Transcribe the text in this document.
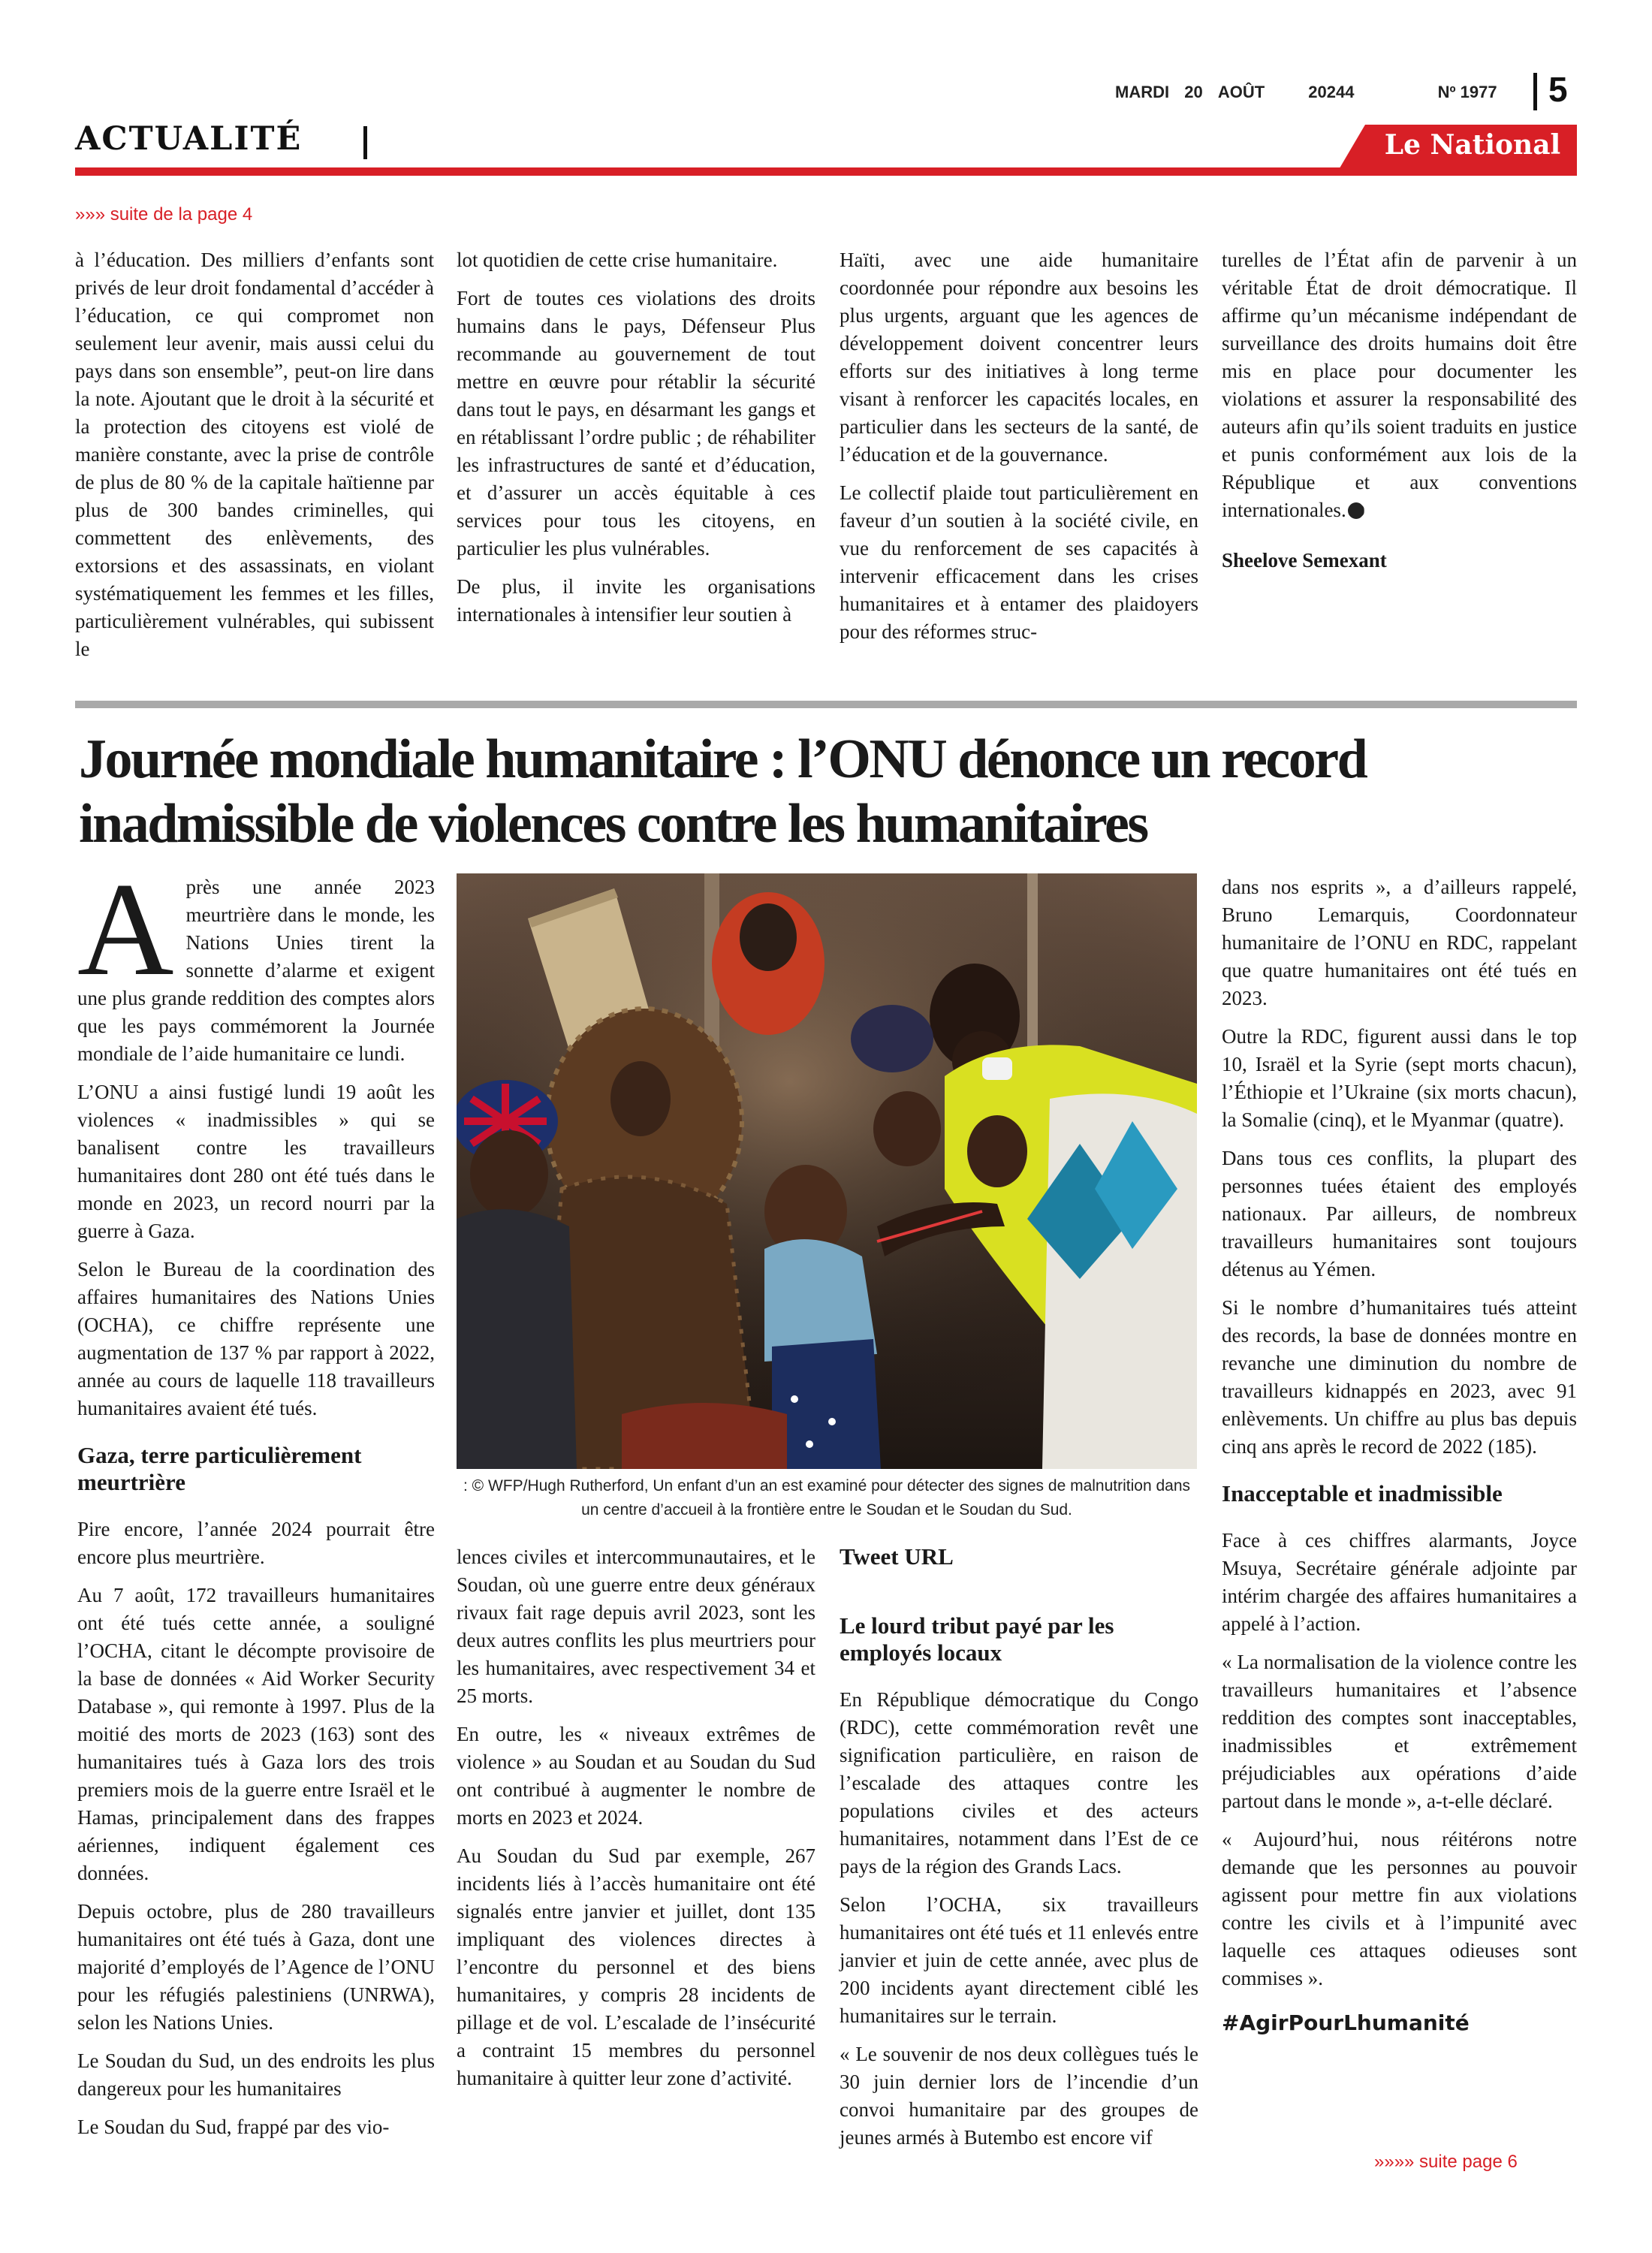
MARDI 20 AOÛT	20244	Nº 1977 5
ACTUALITÉ	Le National
»»» suite de la page 4

à l’éducation. Des milliers d’enfants sont privés de leur droit fondamental d’accéder à l’éducation, ce qui compromet non seulement leur avenir, mais aussi celui du pays dans son ensemble”, peut-on lire dans la note. Ajoutant que le droit à la sécurité et la protection des citoyens est violé de manière constante, avec la prise de contrôle de plus de 80 % de la capitale haïtienne par plus de 300 bandes criminelles, qui commettent des enlèvements, des extorsions et des assassinats, en violant systématiquement les femmes et les filles, particulièrement vulnérables, qui subissent le

lot quotidien de cette crise humanitaire.

Fort de toutes ces violations des droits humains dans le pays, Défenseur Plus recommande au gouvernement de tout mettre en œuvre pour rétablir la sécurité dans tout le pays, en désarmant les gangs et en rétablissant l’ordre public ; de réhabiliter les infrastructures de santé et d’éducation, et d’assurer un accès équitable à ces services pour tous les citoyens, en particulier les plus vulnérables.

De plus, il invite les organisations internationales à intensifier leur soutien à

Haïti, avec une aide humanitaire coordonnée pour répondre aux besoins les plus urgents, arguant que les agences de développement doivent concentrer leurs efforts sur des initiatives à long terme visant à renforcer les capacités locales, en particulier dans les secteurs de la santé, de l’éducation et de la gouvernance.

Le collectif plaide tout particulièrement en faveur d’un soutien à la société civile, en vue du renforcement de ses capacités à intervenir efficacement dans les crises humanitaires et à entamer des plaidoyers pour des réformes struc-

turelles de l’État afin de parvenir à un véritable État de droit démocratique. Il affirme qu’un mécanisme indépendant de surveillance des droits humains doit être mis en place pour documenter les violations et assurer la responsabilité des auteurs afin qu’ils soient traduits en justice et punis conformément aux lois de la République et aux conventions internationales.

Sheelove Semexant

Journée mondiale humanitaire : l’ONU dénonce un record inadmissible de violences contre les humanitaires

Après une année 2023 meurtrière dans le monde, les Nations Unies tirent la sonnette d’alarme et exigent une plus grande reddition des comptes alors que les pays commémorent la Journée mondiale de l’aide humanitaire ce lundi.

L’ONU a ainsi fustigé lundi 19 août les violences « inadmissibles » qui se banalisent contre les travailleurs humanitaires dont 280 ont été tués dans le monde en 2023, un record nourri par la guerre à Gaza.

Selon le Bureau de la coordination des affaires humanitaires des Nations Unies (OCHA), ce chiffre représente une augmentation de 137 % par rapport à 2022, année au cours de laquelle 118 travailleurs humanitaires avaient été tués.

Gaza, terre particulièrement meurtrière

Pire encore, l’année 2024 pourrait être encore plus meurtrière.

Au 7 août, 172 travailleurs humanitaires ont été tués cette année, a souligné l’OCHA, citant le décompte provisoire de la base de données « Aid Worker Security Database », qui remonte à 1997. Plus de la moitié des morts de 2023 (163) sont des humanitaires tués à Gaza lors des trois premiers mois de la guerre entre Israël et le Hamas, principalement dans des frappes aériennes, indiquent également ces données.

Depuis octobre, plus de 280 travailleurs humanitaires ont été tués à Gaza, dont une majorité d’employés de l’Agence de l’ONU pour les réfugiés palestiniens (UNRWA), selon les Nations Unies.

Le Soudan du Sud, un des endroits les plus dangereux pour les humanitaires

Le Soudan du Sud, frappé par des vio-

: © WFP/Hugh Rutherford, Un enfant d’un an est examiné pour détecter des signes de malnutrition dans un centre d’accueil à la frontière entre le Soudan et le Soudan du Sud.

lences civiles et intercommunautaires, et le Soudan, où une guerre entre deux généraux rivaux fait rage depuis avril 2023, sont les deux autres conflits les plus meurtriers pour les humanitaires, avec respectivement 34 et 25 morts.

En outre, les « niveaux extrêmes de violence » au Soudan et au Soudan du Sud ont contribué à augmenter le nombre de morts en 2023 et 2024.

Au Soudan du Sud par exemple, 267 incidents liés à l’accès humanitaire ont été signalés entre janvier et juillet, dont 135 impliquant des violences directes à l’encontre du personnel et des biens humanitaires, y compris 28 incidents de pillage et de vol. L’escalade de l’insécurité a contraint 15 membres du personnel humanitaire à quitter leur zone d’activité.

Tweet URL
Le lourd tribut payé par les employés locaux

En République démocratique du Congo (RDC), cette commémoration revêt une signification particulière, en raison de l’escalade des attaques contre les populations civiles et des acteurs humanitaires, notamment dans l’Est de ce pays de la région des Grands Lacs.

Selon l’OCHA, six travailleurs humanitaires ont été tués et 11 enlevés entre janvier et juin de cette année, avec plus de 200 incidents ayant directement ciblé les humanitaires sur le terrain.

« Le souvenir de nos deux collègues tués le 30 juin dernier lors de l’incendie d’un convoi humanitaire par des groupes de jeunes armés à Butembo est encore vif

dans nos esprits », a d’ailleurs rappelé, Bruno Lemarquis, Coordonnateur humanitaire de l’ONU en RDC, rappelant que quatre humanitaires ont été tués en 2023.

Outre la RDC, figurent aussi dans le top 10, Israël et la Syrie (sept morts chacun), l’Éthiopie et l’Ukraine (six morts chacun), la Somalie (cinq), et le Myanmar (quatre).

Dans tous ces conflits, la plupart des personnes tuées étaient des employés nationaux. Par ailleurs, de nombreux travailleurs humanitaires sont toujours détenus au Yémen.

Si le nombre d’humanitaires tués atteint des records, la base de données montre en revanche une diminution du nombre de travailleurs kidnappés en 2023, avec 91 enlèvements. Un chiffre au plus bas depuis cinq ans après le record de 2022 (185).

Inacceptable et inadmissible

Face à ces chiffres alarmants, Joyce Msuya, Secrétaire générale adjointe par intérim chargée des affaires humanitaires a appelé à l’action.

« La normalisation de la violence contre les travailleurs humanitaires et l’absence reddition des comptes sont inacceptables, inadmissibles et extrêmement préjudiciables aux opérations d’aide partout dans le monde », a-t-elle déclaré.

« Aujourd’hui, nous réitérons notre demande que les personnes au pouvoir agissent pour mettre fin aux violations contre les civils et à l’impunité avec laquelle ces attaques odieuses sont commises ».

#AgirPourLhumanité

»»»» suite page 6
